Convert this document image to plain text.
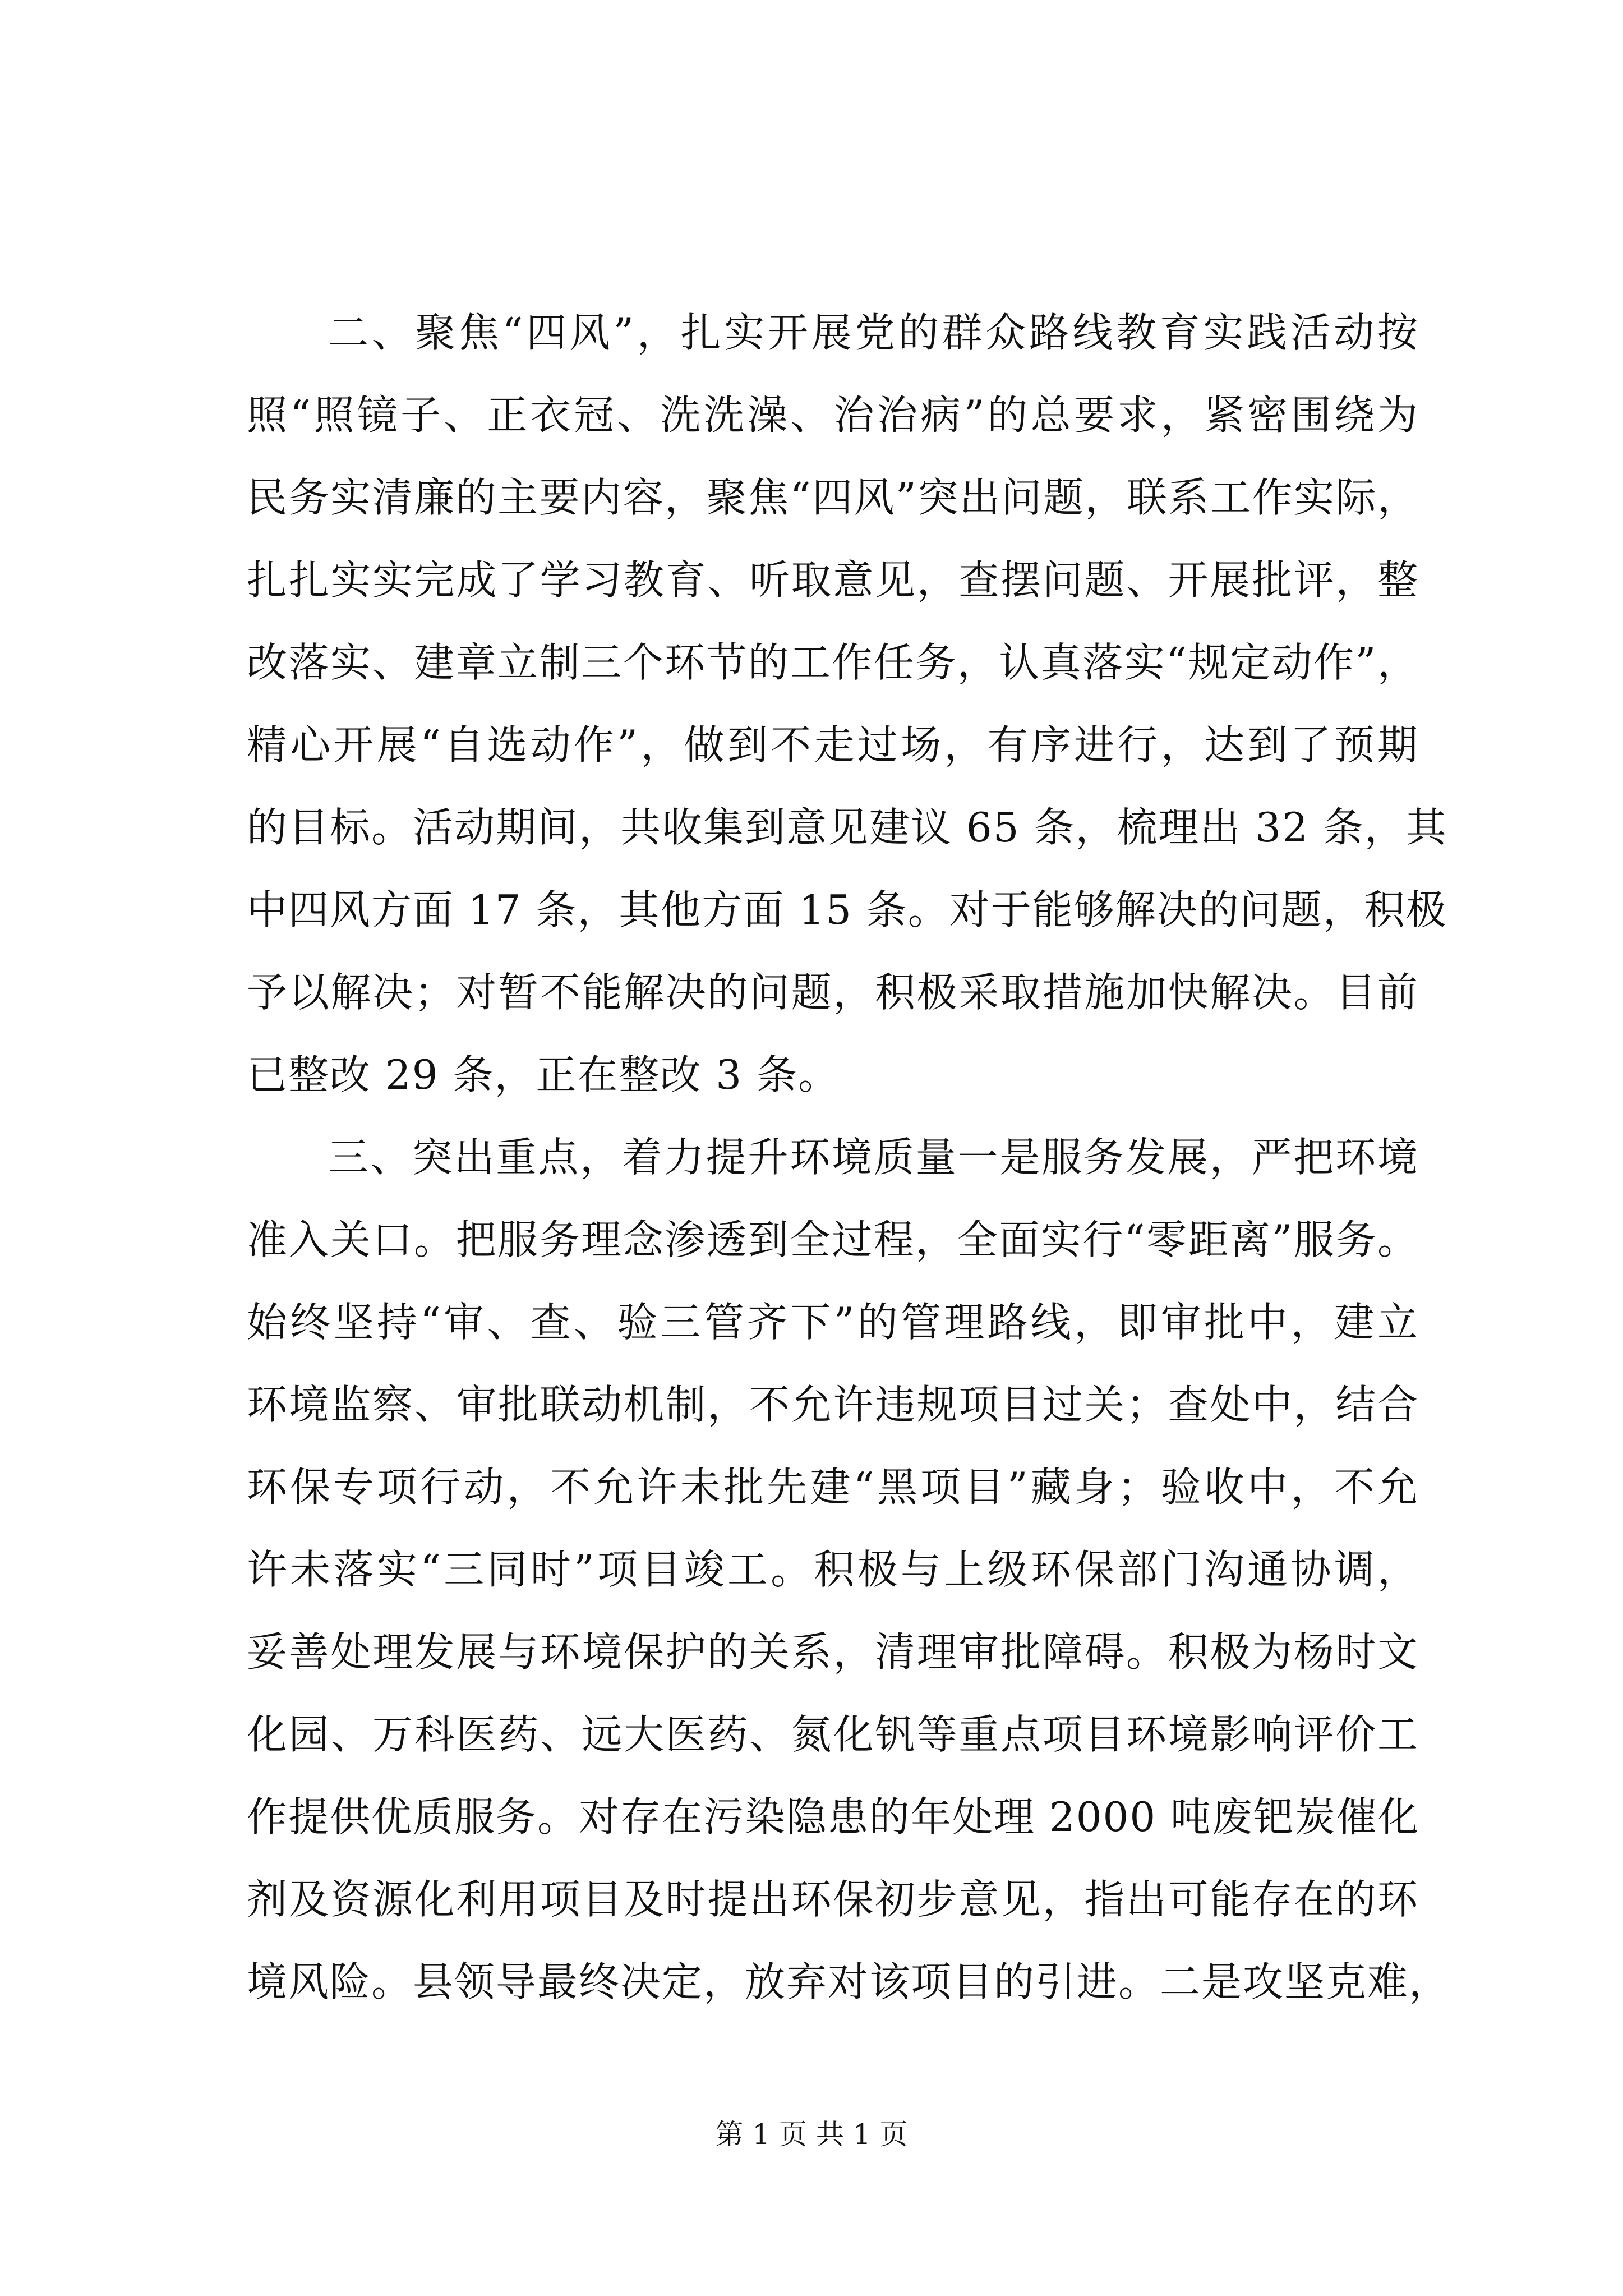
二、聚焦“四风”，扎实开展党的群众路线教育实践活动按
照“照镜子、正衣冠、洗洗澡、治治病”的总要求，紧密围绕为
民务实清廉的主要内容，聚焦“四风”突出问题，联系工作实际，
扎扎实实完成了学习教育、听取意见，查摆问题、开展批评，整
改落实、建章立制三个环节的工作任务，认真落实“规定动作”，
精心开展“自选动作”，做到不走过场，有序进行，达到了预期
的目标。活动期间，共收集到意见建议 65 条，梳理出 32 条，其
中四风方面 17 条，其他方面 15 条。对于能够解决的问题，积极
予以解决；对暂不能解决的问题，积极采取措施加快解决。目前
已整改 29 条，正在整改 3 条。
三、突出重点，着力提升环境质量一是服务发展，严把环境
准入关口。把服务理念渗透到全过程，全面实行“零距离”服务。
始终坚持“审、查、验三管齐下”的管理路线，即审批中，建立
环境监察、审批联动机制，不允许违规项目过关；查处中，结合
环保专项行动，不允许未批先建“黑项目”藏身；验收中，不允
许未落实“三同时”项目竣工。积极与上级环保部门沟通协调，
妥善处理发展与环境保护的关系，清理审批障碍。积极为杨时文
化园、万科医药、远大医药、氮化钒等重点项目环境影响评价工
作提供优质服务。对存在污染隐患的年处理 2000 吨废钯炭催化
剂及资源化利用项目及时提出环保初步意见，指出可能存在的环
境风险。县领导最终决定，放弃对该项目的引进。二是攻坚克难，
第 1 页 共 1 页
